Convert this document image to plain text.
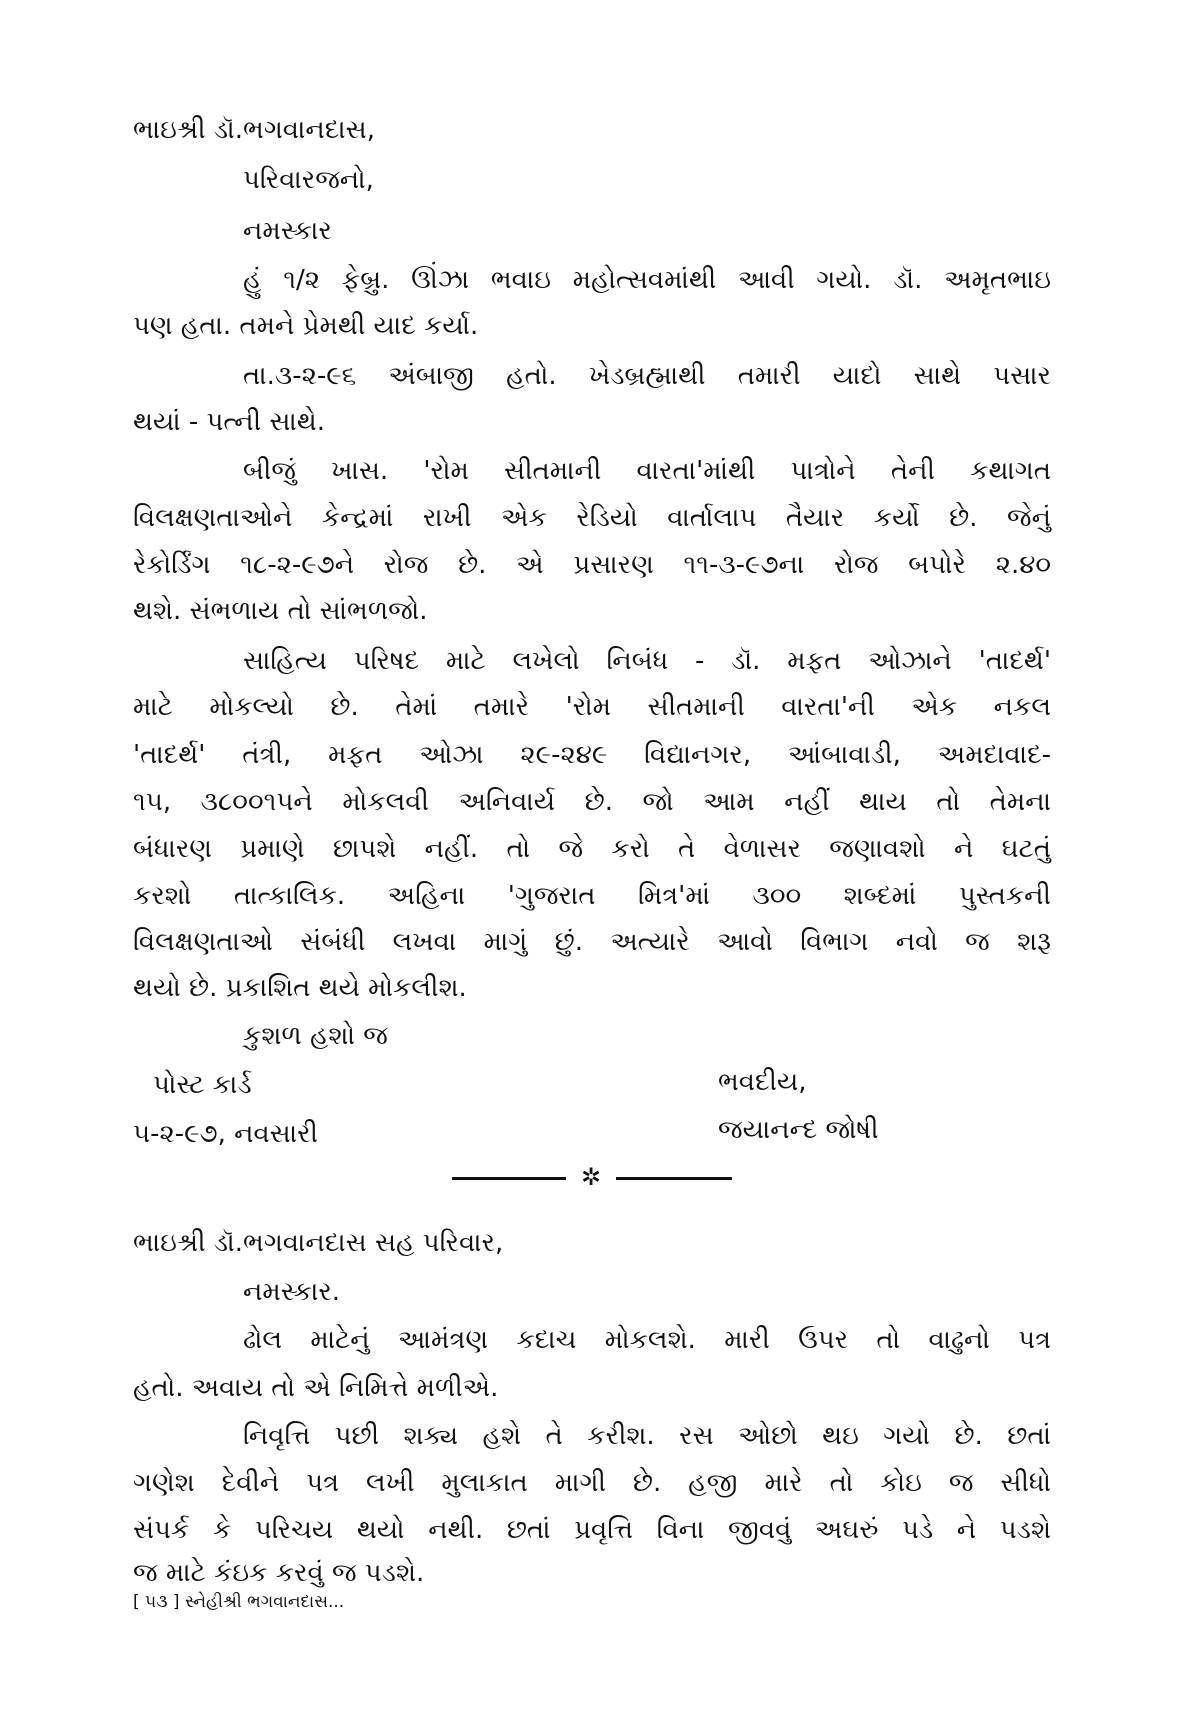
ભાઇશ્રી ડૉ.ભગવાનદાસ,
પરિવારજનો,
નમસ્કાર
હું ૧/૨ ફેબ્રુ. ઊંઝા ભવાઇ મહોત્સવમાંથી આવી ગયો. ડૉ. અમૃતભાઇ
પણ હતા. તમને પ્રેમથી યાદ કર્યા.
તા.૩-૨-૯૬ અંબાજી હતો. ખેડબ્રહ્માથી તમારી યાદો સાથે પસાર
થયાં - પત્ની સાથે.
બીજું ખાસ. 'રોમ સીતમાની વારતા'માંથી પાત્રોને તેની કથાગત
વિલક્ષણતાઓને કેન્દ્રમાં રાખી એક રેડિયો વાર્તાલાપ તૈયાર કર્યો છે. જેનું
રેકોર્ડિંગ ૧૮-૨-૯૭ને રોજ છે. એ પ્રસારણ ૧૧-૩-૯૭ના રોજ બપોરે ૨.૪૦
થશે. સંભળાય તો સાંભળજો.
સાહિત્ય પરિષદ માટે લખેલો નિબંધ - ડૉ. મફત ઓઝાને 'તાદર્થ'
માટે મોકલ્યો છે. તેમાં તમારે 'રોમ સીતમાની વારતા'ની એક નકલ
'તાદર્થ' તંત્રી, મફત ઓઝા ૨૯-૨૪૯ વિદ્યાનગર, આંબાવાડી, અમદાવાદ-
૧૫, ૩૮૦૦૧૫ને મોકલવી અનિવાર્ય છે. જો આમ નહીં થાય તો તેમના
બંધારણ પ્રમાણે છાપશે નહીં. તો જે કરો તે વેળાસર જણાવશો ને ઘટતું
કરશો તાત્કાલિક. અહિના 'ગુજરાત મિત્ર'માં ૩૦૦ શબ્દમાં પુસ્તકની
વિલક્ષણતાઓ સંબંધી લખવા માગું છું. અત્યારે આવો વિભાગ નવો જ શરૂ
થયો છે. પ્રકાશિત થયે મોકલીશ.
કુશળ હશો જ
પોસ્ટ કાર્ડ
૫-૨-૯૭, નવસારી
ભવદીય,
જયાનન્દ જોષી
✲
ભાઇશ્રી ડૉ.ભગવાનદાસ સહ પરિવાર,
નમસ્કાર.
ઢોલ માટેનું આમંત્રણ કદાચ મોકલશે. મારી ઉપર તો વાઢુનો પત્ર
હતો. અવાય તો એ નિમિત્તે મળીએ.
નિવૃત્તિ પછી શક્ય હશે તે કરીશ. રસ ઓછો થઇ ગયો છે. છતાં
ગણેશ દેવીને પત્ર લખી મુલાકાત માગી છે. હજી મારે તો કોઇ જ સીધો
સંપર્ક કે પરિચય થયો નથી. છતાં પ્રવૃત્તિ વિના જીવવું અઘરું પડે ને પડશે
જ માટે કંઇક કરવું જ પડશે.
[ ૫૩ ] સ્નેહીશ્રી ભગવાનદાસ...
